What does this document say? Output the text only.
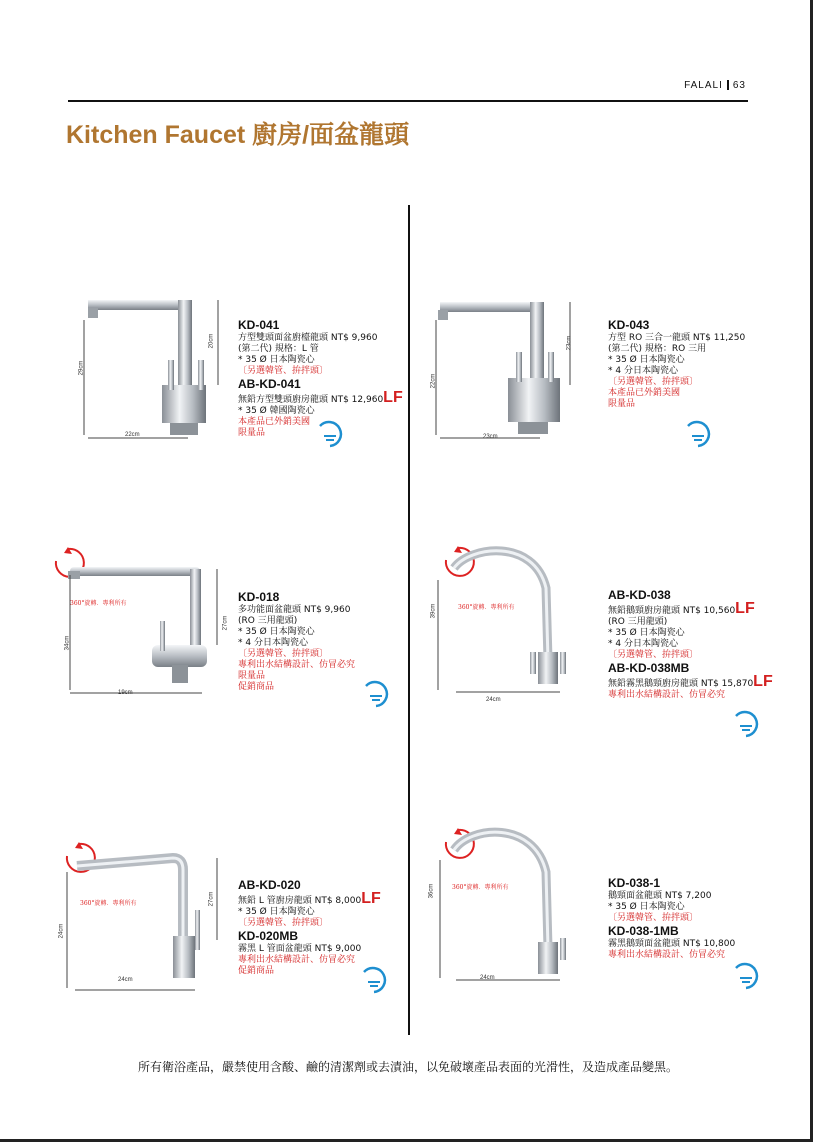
FALALI 63
Kitchen Faucet 廚房/面盆龍頭
22cm
29cm
20cm
23cm
22cm
23cm
360°旋轉．專利所有
19cm
34cm
27cm
360°旋轉．專利所有
24cm
39cm
360°旋轉．專利所有
24cm
24cm
27cm
360°旋轉．專利所有
24cm
36cm
KD-041
方型雙頭面盆廚檯龍頭 NT$ 9,960
(第二代) 規格：L 管
* 35 Ø 日本陶瓷心
〔另選韓管、拚拌頭〕
AB-KD-041
無鉛方型雙頭廚房龍頭 NT$ 12,960LF
* 35 Ø 韓國陶瓷心
本產品已外銷美國
限量品
KD-043
方型 RO 三合一龍頭 NT$ 11,250
(第二代) 規格：RO 三用
* 35 Ø 日本陶瓷心
* 4 分日本陶瓷心
〔另選韓管、拚拌頭〕
本產品已外銷美國
限量品
KD-018
多功能面盆龍頭 NT$ 9,960
(RO 三用龍頭)
* 35 Ø 日本陶瓷心
* 4 分日本陶瓷心
〔另選韓管、拚拌頭〕
專利出水結構設計、仿冒必究
限量品
促銷商品
AB-KD-038
無鉛鵝頸廚房龍頭 NT$ 10,560LF
(RO 三用龍頭)
* 35 Ø 日本陶瓷心
* 4 分日本陶瓷心
〔另選韓管、拚拌頭〕
AB-KD-038MB
無鉛霧黑鵝頸廚房龍頭 NT$ 15,870LF
專利出水結構設計、仿冒必究
AB-KD-020
無鉛 L 管廚房龍頭 NT$ 8,000LF
* 35 Ø 日本陶瓷心
〔另選韓管、拚拌頭〕
KD-020MB
霧黑 L 管面盆龍頭 NT$ 9,000
專利出水結構設計、仿冒必究
促銷商品
KD-038-1
鵝頸面盆龍頭 NT$ 7,200
* 35 Ø 日本陶瓷心
〔另選韓管、拚拌頭〕
KD-038-1MB
霧黑鵝頸面盆龍頭 NT$ 10,800
專利出水結構設計、仿冒必究
所有衛浴產品，嚴禁使用含酸、鹼的清潔劑或去漬油，以免破壞產品表面的光滑性，及造成產品變黑。
